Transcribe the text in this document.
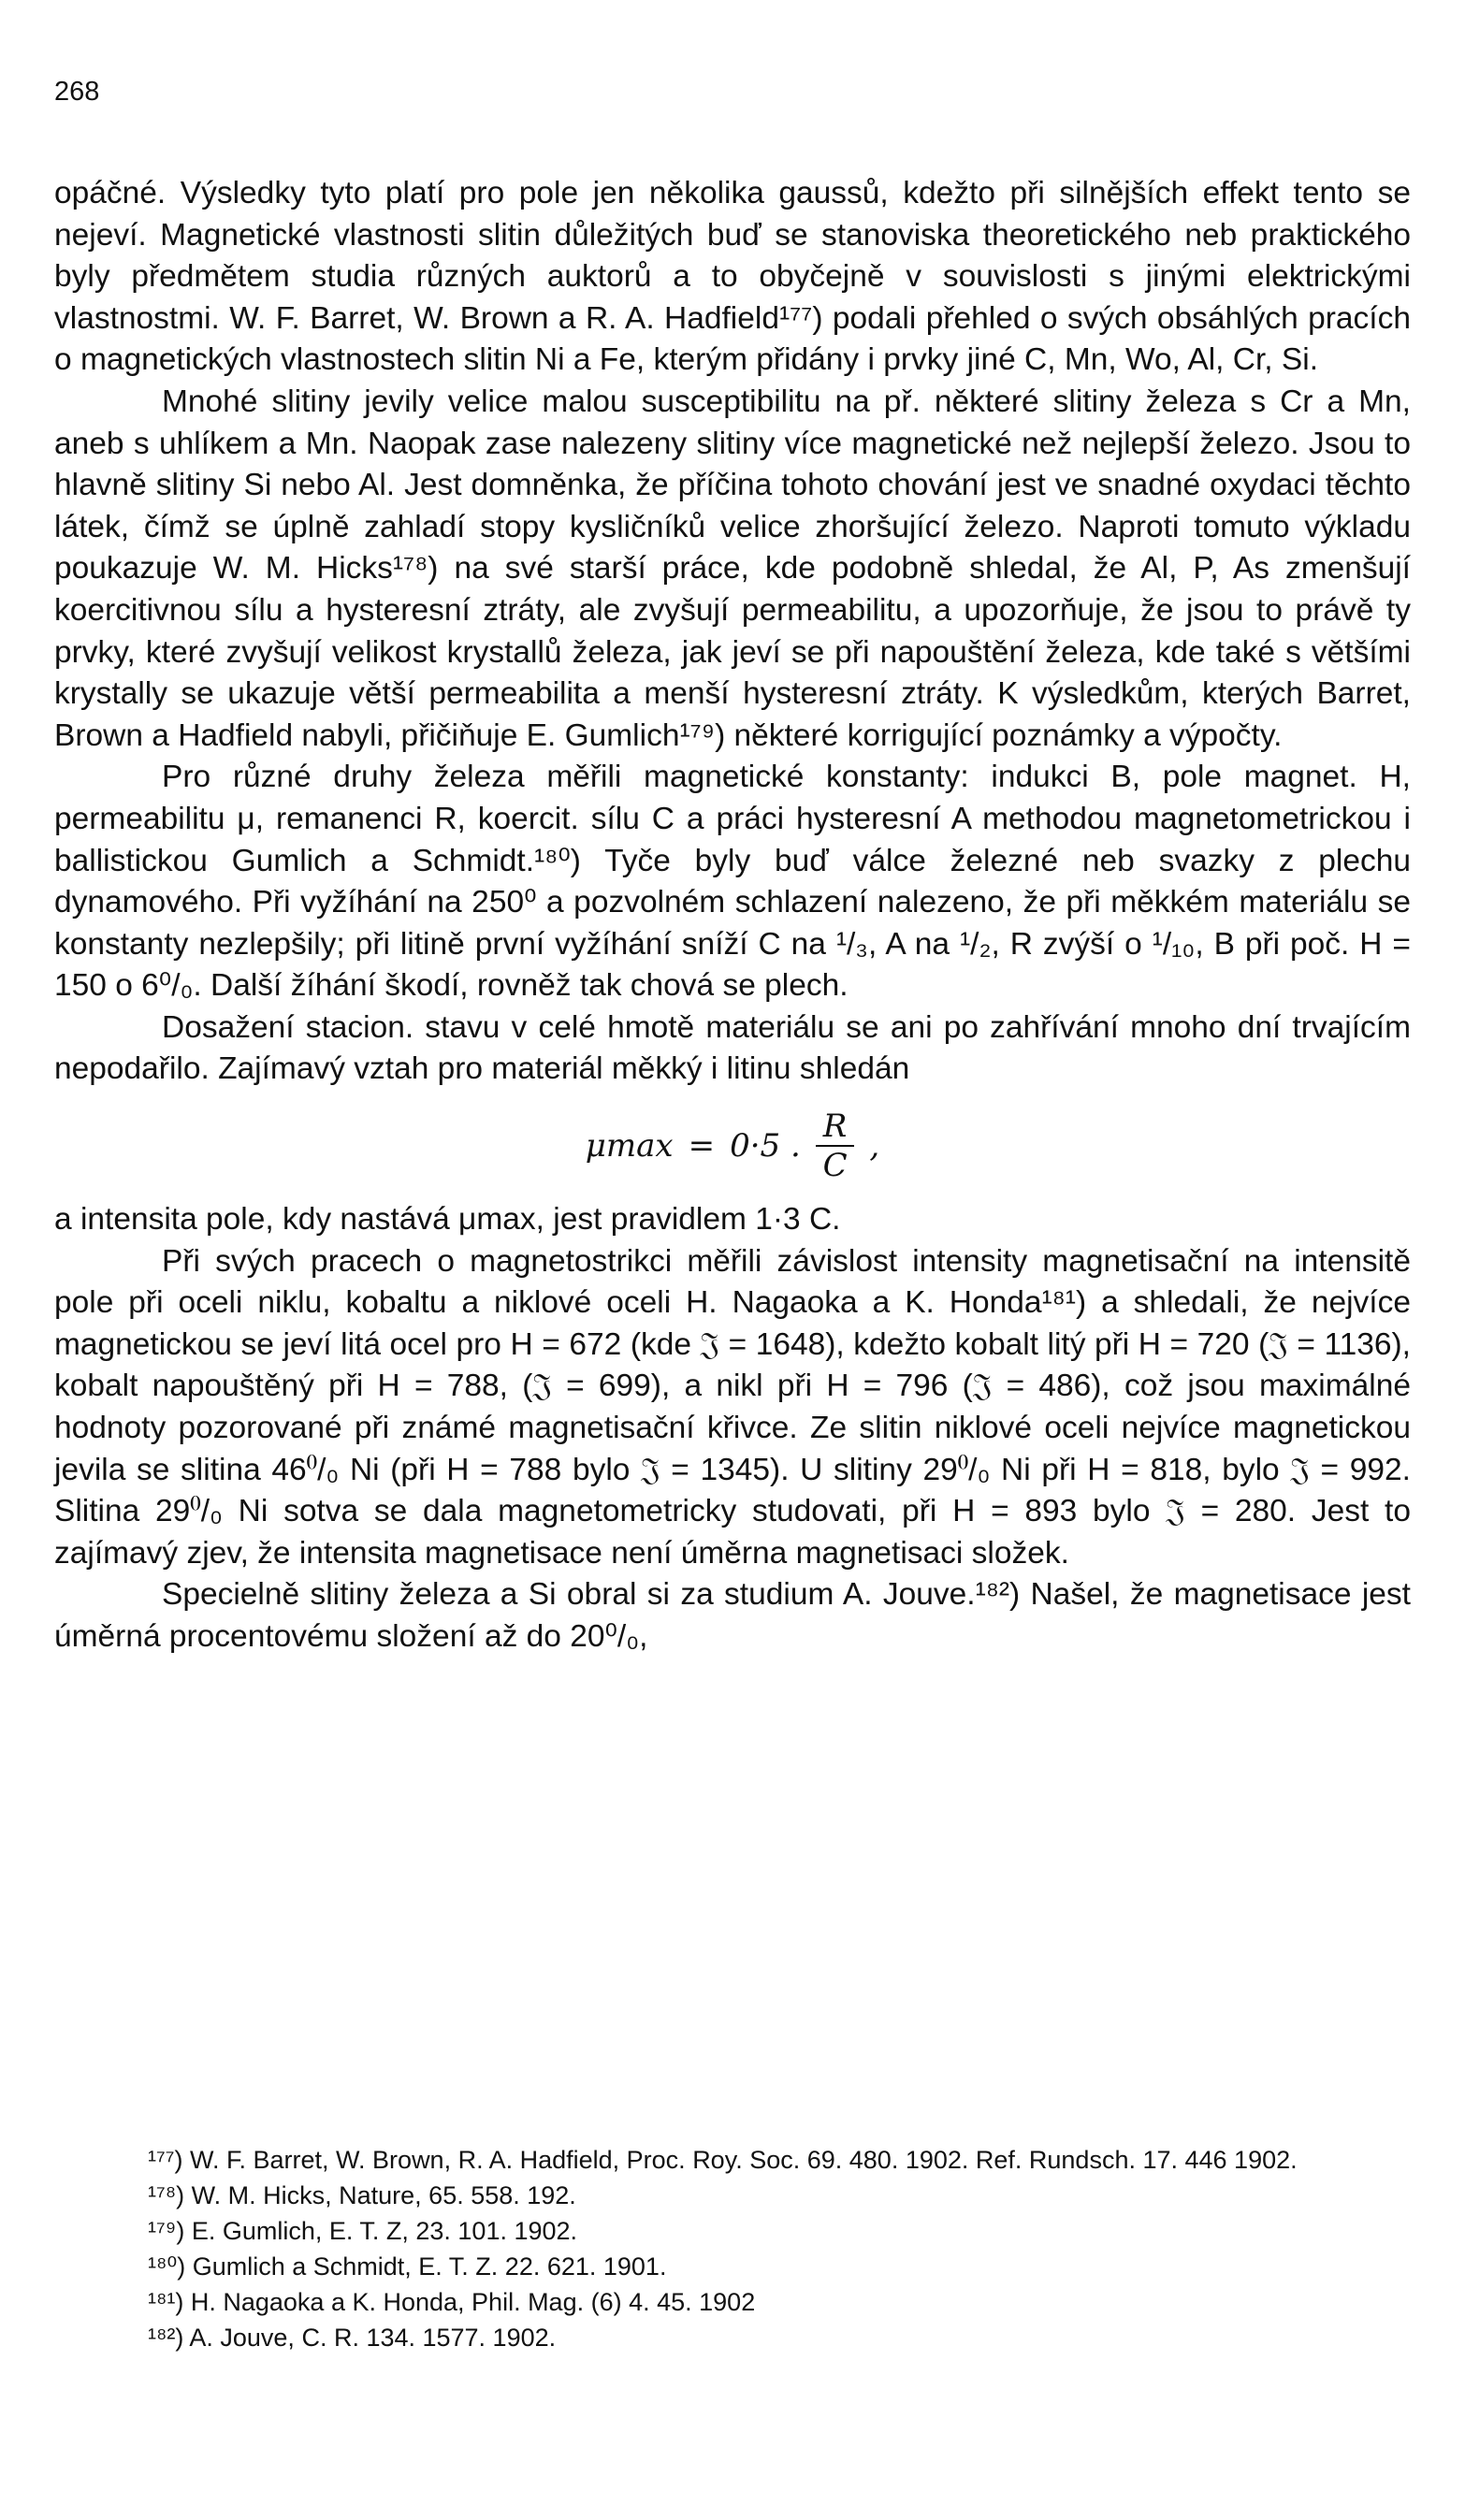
268

opáčné. Výsledky tyto platí pro pole jen několika gaussů, kdežto při silnějších effekt tento se nejeví. Magnetické vlastnosti slitin důležitých buď se stanoviska theoretického neb praktického byly předmětem studia různých auktorů a to obyčejně v souvislosti s jinými elektrickými vlastnostmi. W. F. Barret, W. Brown a R. A. Hadfield¹⁷⁷) podali přehled o svých obsáhlých pracích o magnetických vlastnostech slitin Ni a Fe, kterým přidány i prvky jiné C, Mn, Wo, Al, Cr, Si.

Mnohé slitiny jevily velice malou susceptibilitu na př. některé slitiny železa s Cr a Mn, aneb s uhlíkem a Mn. Naopak zase nalezeny slitiny více magnetické než nejlepší železo. Jsou to hlavně slitiny Si nebo Al. Jest domněnka, že příčina tohoto chování jest ve snadné oxydaci těchto látek, čímž se úplně zahladí stopy kysličníků velice zhoršující železo. Naproti tomuto výkladu poukazuje W. M. Hicks¹⁷⁸) na své starší práce, kde podobně shledal, že Al, P, As zmenšují koercitivnou sílu a hysteresní ztráty, ale zvyšují permeabilitu, a upozorňuje, že jsou to právě ty prvky, které zvyšují velikost krystallů železa, jak jeví se při napouštění železa, kde také s většími krystally se ukazuje větší permeabilita a menší hysteresní ztráty. K výsledkům, kterých Barret, Brown a Hadfield nabyli, přičiňuje E. Gumlich¹⁷⁹) některé korrigující poznámky a výpočty.

Pro různé druhy železa měřili magnetické konstanty: indukci B, pole magnet. H, permeabilitu μ, remanenci R, koercit. sílu C a práci hysteresní A methodou magnetometrickou i ballistickou Gumlich a Schmidt.¹⁸⁰) Tyče byly buď válce železné neb svazky z plechu dynamového. Při vyžíhání na 250⁰ a pozvolném schlazení nalezeno, že při měkkém materiálu se konstanty nezlepšily; při litině první vyžíhání sníží C na ¹/₃, A na ¹/₂, R zvýší o ¹/₁₀, B při poč. H = 150 o 6⁰/₀. Další žíhání škodí, rovněž tak chová se plech.

Dosažení stacion. stavu v celé hmotě materiálu se ani po zahřívání mnoho dní trvajícím nepodařilo. Zajímavý vztah pro materiál měkký i litinu shledán

μmax = 0·5 . $\frac{R}{C}$ ,

a intensita pole, kdy nastává μmax, jest pravidlem 1·3 C.

Při svých pracech o magnetostrikci měřili závislost intensity magnetisační na intensitě pole při oceli niklu, kobaltu a niklové oceli H. Nagaoka a K. Honda¹⁸¹) a shledali, že nejvíce magnetickou se jeví litá ocel pro H = 672 (kde 𝔍 = 1648), kdežto kobalt litý při H = 720 (𝔍 = 1136), kobalt napouštěný při H = 788, (𝔍 = 699), a nikl při H = 796 (𝔍 = 486), což jsou maximálné hodnoty pozorované při známé magnetisační křivce. Ze slitin niklové oceli nejvíce magnetickou jevila se slitina 46⁰/₀ Ni (při H = 788 bylo 𝔍 = 1345). U slitiny 29⁰/₀ Ni při H = 818, bylo 𝔍 = 992. Slitina 29⁰/₀ Ni sotva se dala magnetometricky studovati, při H = 893 bylo 𝔍 = 280. Jest to zajímavý zjev, že intensita magnetisace není úměrna magnetisaci složek.

Specielně slitiny železa a Si obral si za studium A. Jouve.¹⁸²) Našel, že magnetisace jest úměrná procentovému složení až do 20⁰/₀,

¹⁷⁷) W. F. Barret, W. Brown, R. A. Hadfield, Proc. Roy. Soc. 69. 480. 1902. Ref. Rundsch. 17. 446 1902.

¹⁷⁸) W. M. Hicks, Nature, 65. 558. 192.

¹⁷⁹) E. Gumlich, E. T. Z, 23. 101. 1902.

¹⁸⁰) Gumlich a Schmidt, E. T. Z. 22. 621. 1901.

¹⁸¹) H. Nagaoka a K. Honda, Phil. Mag. (6) 4. 45. 1902

¹⁸²) A. Jouve, C. R. 134. 1577. 1902.
